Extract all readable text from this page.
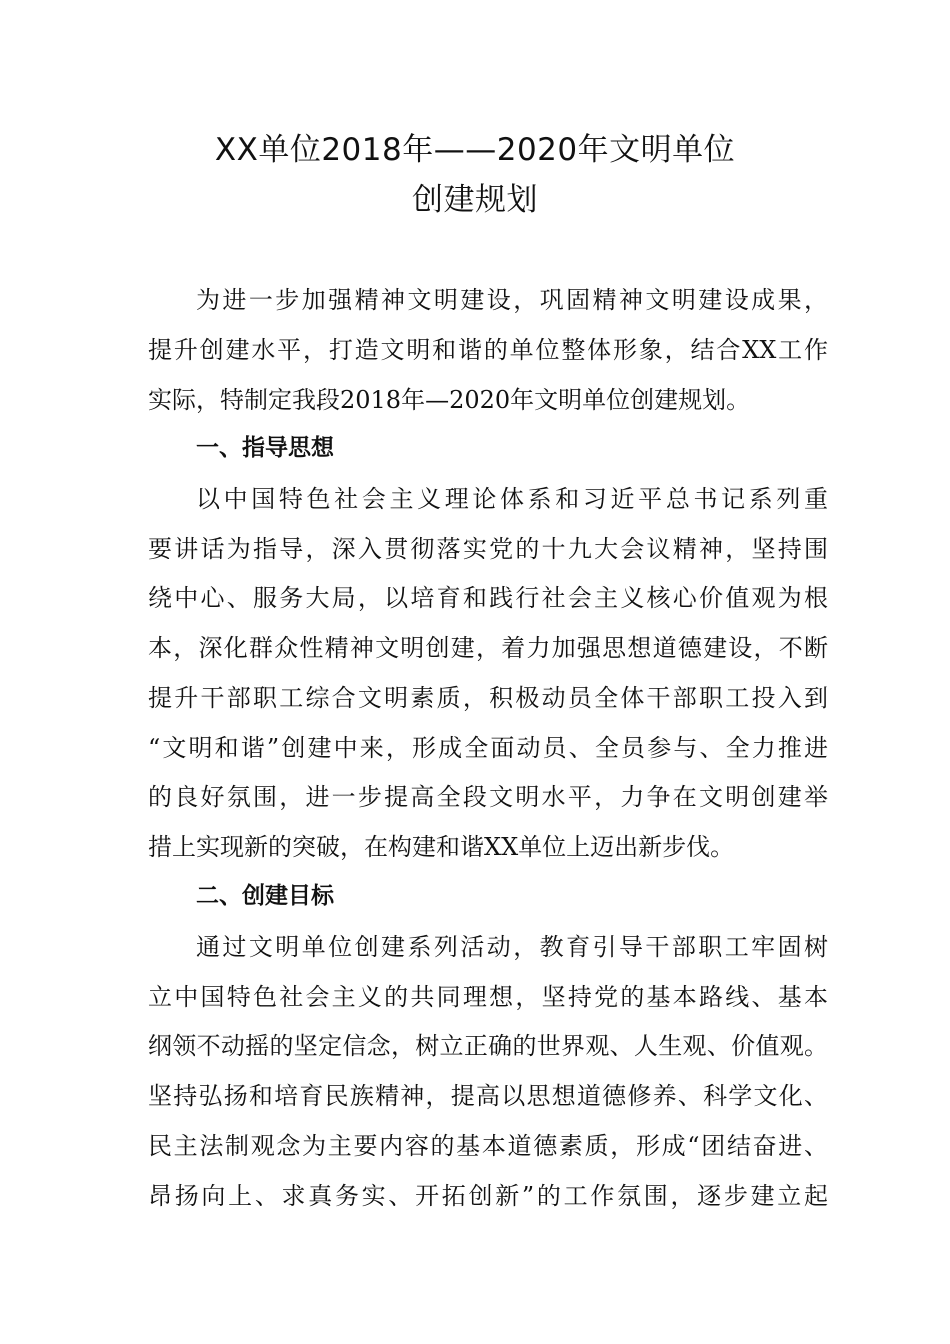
XX单位2018年——2020年文明单位
创建规划

为进一步加强精神文明建设，巩固精神文明建设成果，

提升创建水平，打造文明和谐的单位整体形象，结合XX工作

实际，特制定我段2018年—2020年文明单位创建规划。

一、指导思想

以中国特色社会主义理论体系和习近平总书记系列重

要讲话为指导，深入贯彻落实党的十九大会议精神，坚持围

绕中心、服务大局，以培育和践行社会主义核心价值观为根

本，深化群众性精神文明创建，着力加强思想道德建设，不断

提升干部职工综合文明素质，积极动员全体干部职工投入到

“文明和谐”创建中来，形成全面动员、全员参与、全力推进

的良好氛围，进一步提高全段文明水平，力争在文明创建举

措上实现新的突破，在构建和谐XX单位上迈出新步伐。

二、创建目标

通过文明单位创建系列活动，教育引导干部职工牢固树

立中国特色社会主义的共同理想，坚持党的基本路线、基本

纲领不动摇的坚定信念，树立正确的世界观、人生观、价值观。

坚持弘扬和培育民族精神，提高以思想道德修养、科学文化、

民主法制观念为主要内容的基本道德素质，形成“团结奋进、

昂扬向上、求真务实、开拓创新”的工作氛围，逐步建立起
